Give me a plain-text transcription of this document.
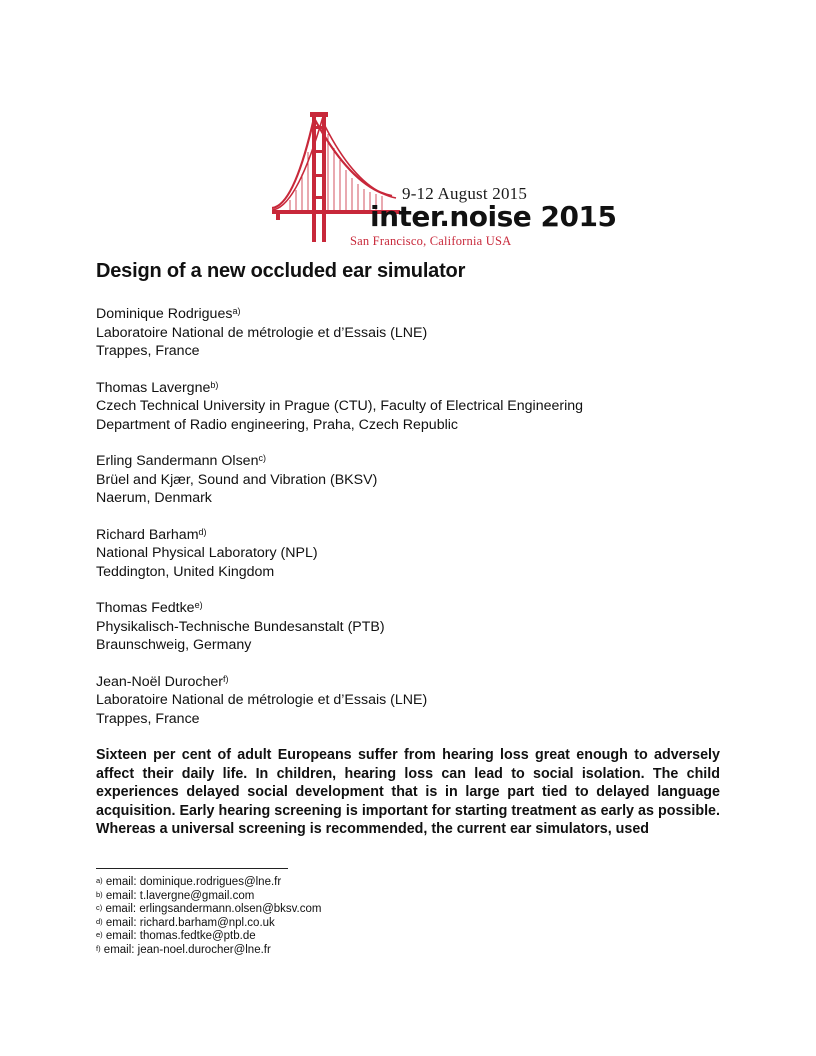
9-12 August 2015
inter.noise 2015
San Francisco, California USA
Design of a new occluded ear simulator
Dominique Rodrigues$^{a)}$
Laboratoire National de métrologie et d’Essais (LNE)
Trappes, France
Thomas Lavergne$^{b)}$
Czech Technical University in Prague (CTU), Faculty of Electrical Engineering
Department of Radio engineering, Praha, Czech Republic
Erling Sandermann Olsen$^{c)}$
Brüel and Kjær, Sound and Vibration (BKSV)
Naerum, Denmark
Richard Barham$^{d)}$
National Physical Laboratory (NPL)
Teddington, United Kingdom
Thomas Fedtke$^{e)}$
Physikalisch-Technische Bundesanstalt (PTB)
Braunschweig, Germany
Jean-Noël Durocher$^{f)}$
Laboratoire National de métrologie et d’Essais (LNE)
Trappes, France

Sixteen per cent of adult Europeans suffer from hearing loss great enough to adversely affect their daily life. In children, hearing loss can lead to social isolation. The child experiences delayed social development that is in large part tied to delayed language acquisition. Early hearing screening is important for starting treatment as early as possible. Whereas a universal screening is recommended, the current ear simulators, used

$^{a)}$ email: dominique.rodrigues@lne.fr
$^{b)}$ email: t.lavergne@gmail.com
$^{c)}$ email: erlingsandermann.olsen@bksv.com
$^{d)}$ email: richard.barham@npl.co.uk
$^{e)}$ email: thomas.fedtke@ptb.de
$^{f)}$ email: jean-noel.durocher@lne.fr
